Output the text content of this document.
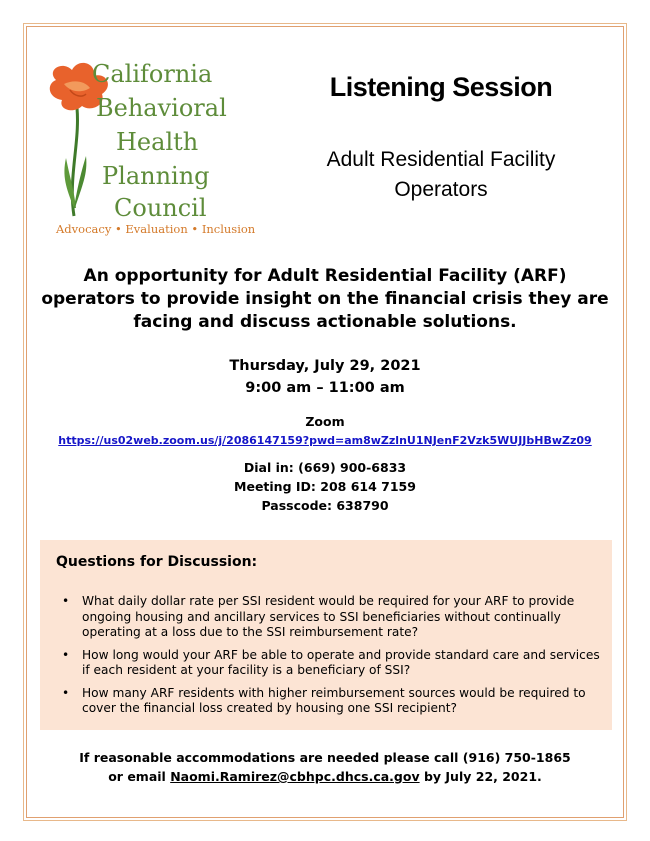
California
Behavioral
Health
Planning
Council
Advocacy • Evaluation • Inclusion
Listening Session
Adult Residential Facility
Operators
An opportunity for Adult Residential Facility (ARF)
operators to provide insight on the financial crisis they are
facing and discuss actionable solutions.
Thursday, July 29, 2021
9:00 am – 11:00 am
Zoom
https://us02web.zoom.us/j/2086147159?pwd=am8wZzlnU1NJenF2Vzk5WUJJbHBwZz09
Dial in: (669) 900-6833
Meeting ID: 208 614 7159
Passcode: 638790
Questions for Discussion:
• What daily dollar rate per SSI resident would be required for your ARF to provide ongoing housing and ancillary services to SSI beneficiaries without continually operating at a loss due to the SSI reimbursement rate?
• How long would your ARF be able to operate and provide standard care and services if each resident at your facility is a beneficiary of SSI?
• How many ARF residents with higher reimbursement sources would be required to cover the financial loss created by housing one SSI recipient?
If reasonable accommodations are needed please call (916) 750-1865
or email Naomi.Ramirez@cbhpc.dhcs.ca.gov by July 22, 2021.
